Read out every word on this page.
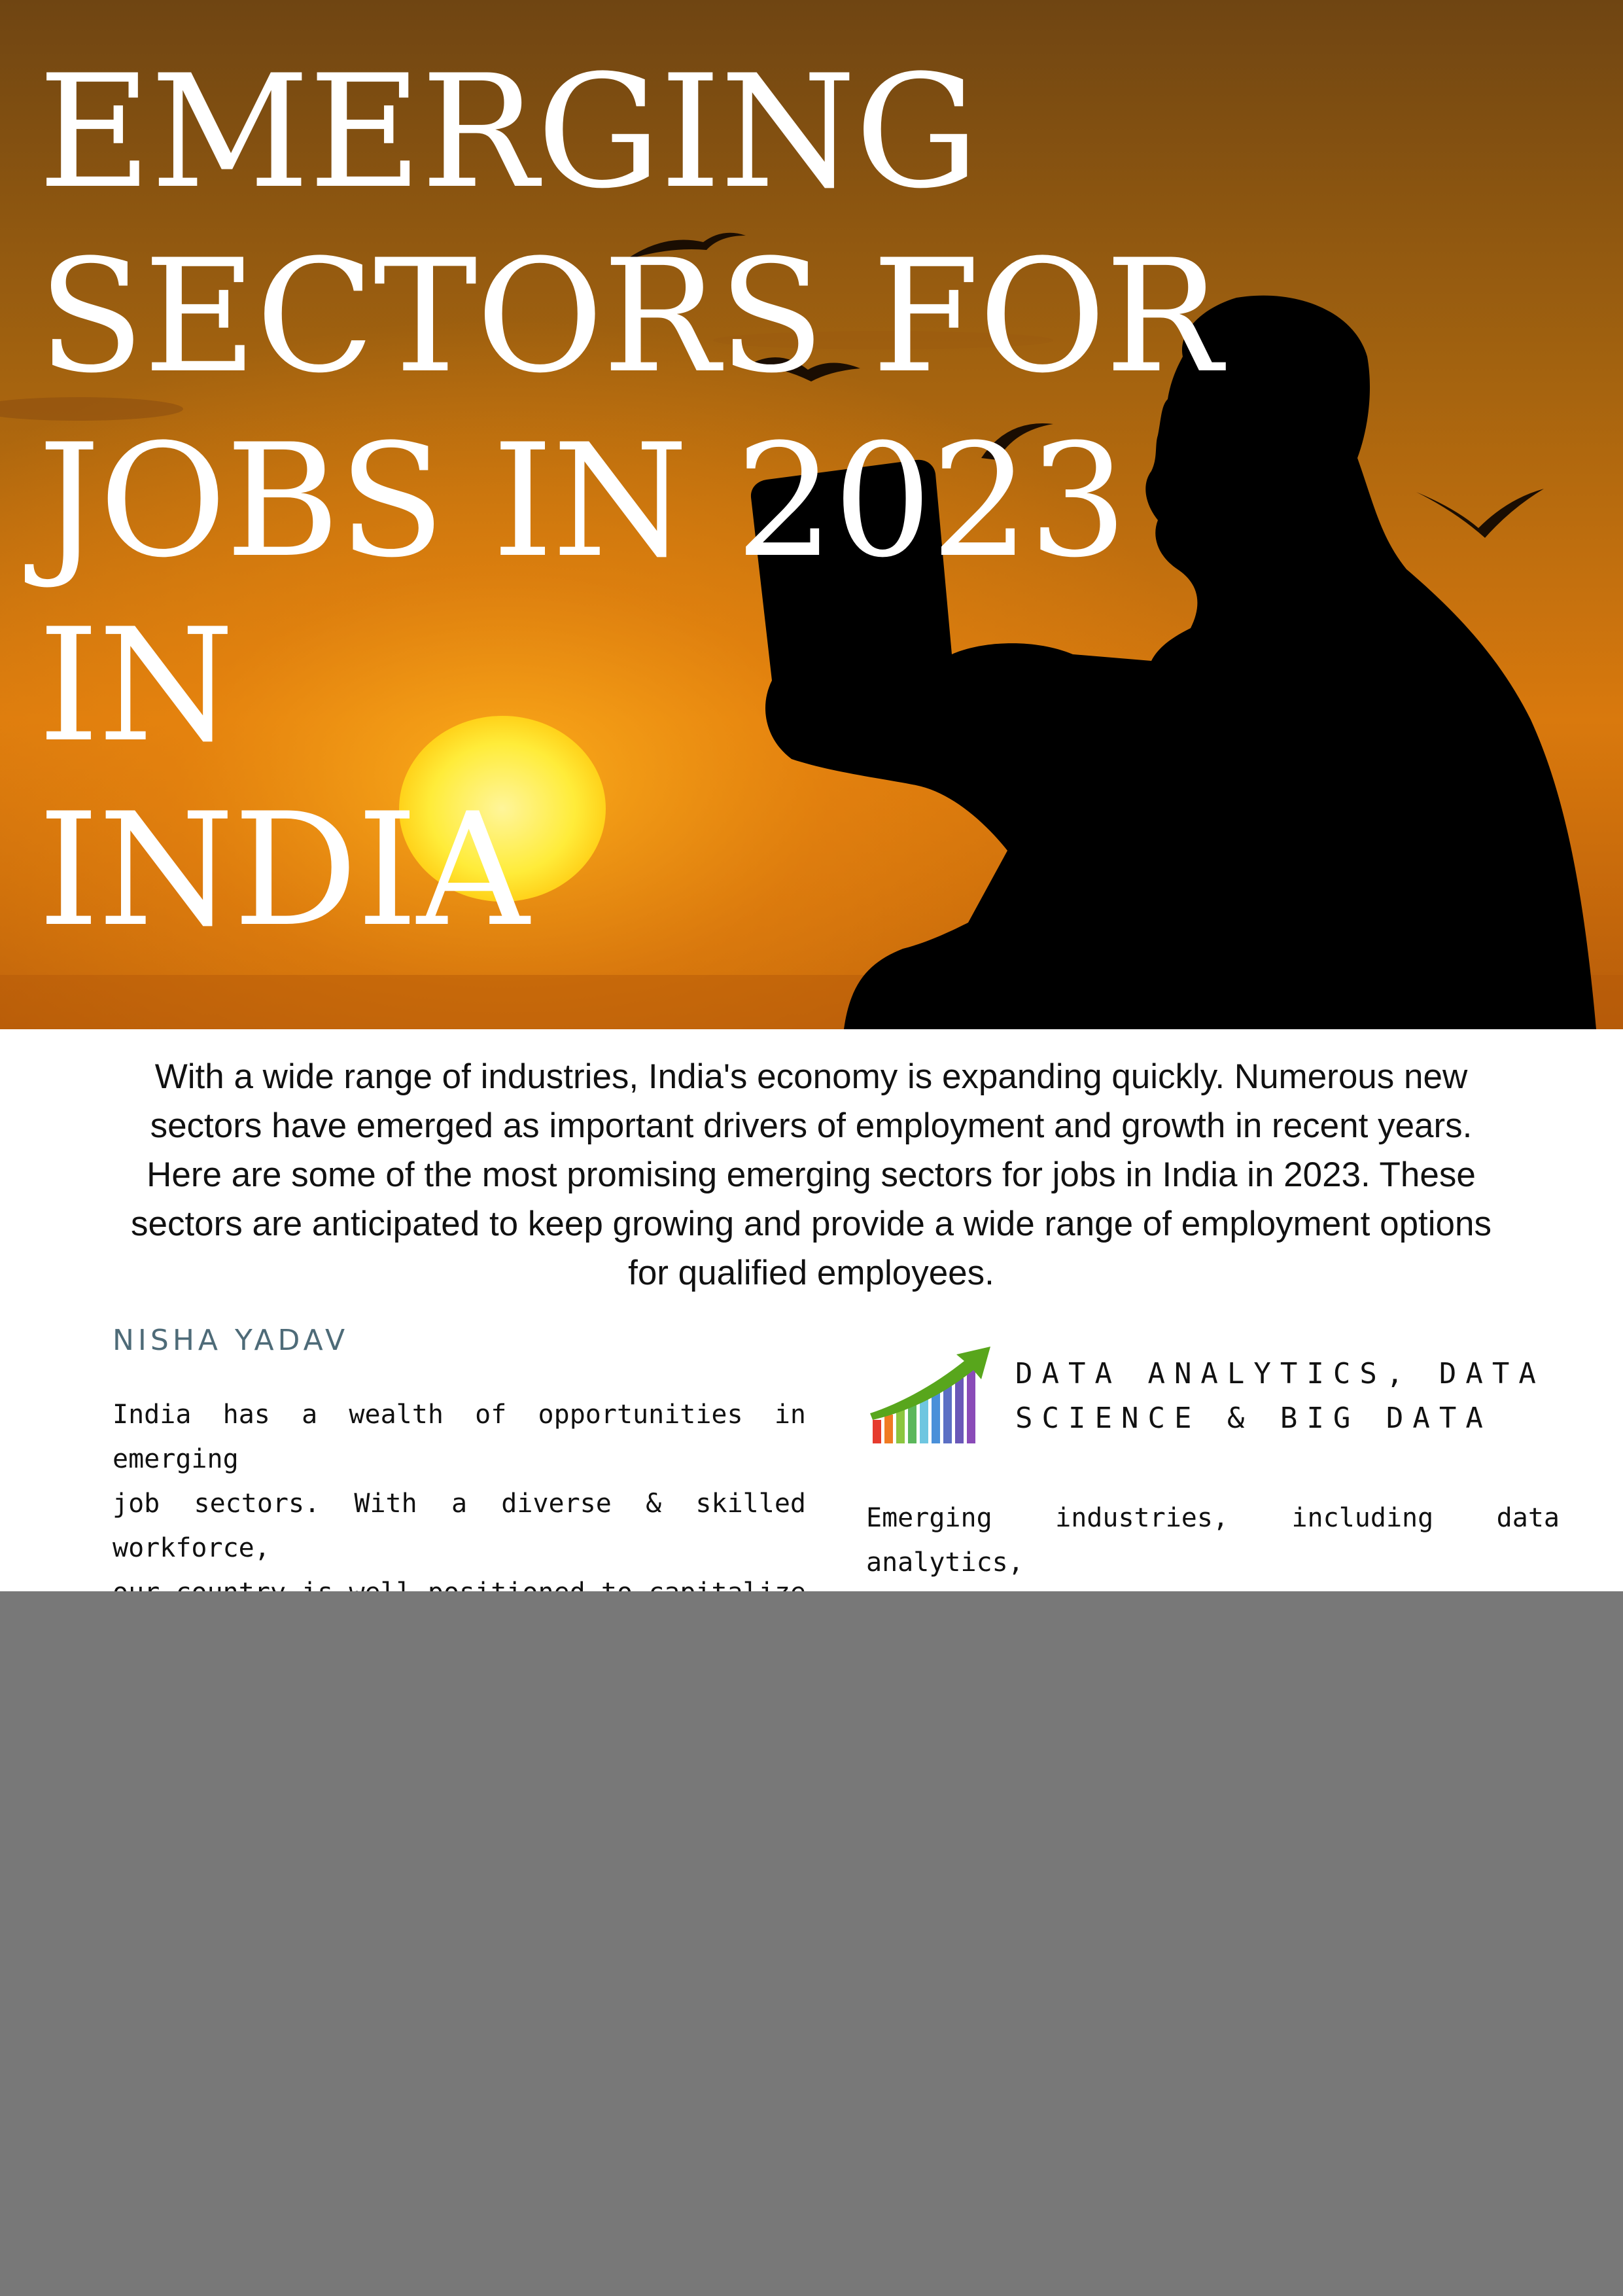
EMERGING
SECTORS FOR
JOBS IN 2023 IN
INDIA

With a wide range of industries, India's economy is expanding quickly. Numerous new sectors have emerged as important drivers of employment and growth in recent years. Here are some of the most promising emerging sectors for jobs in India in 2023. These sectors are anticipated to keep growing and provide a wide range of employment options for qualified employees.

NISHA YADAV

India has a wealth of opportunities in emerging
job sectors. With a diverse & skilled workforce,

DATA ANALYTICS, DATA
SCIENCE & BIG DATA

Emerging industries, including data analytics,
